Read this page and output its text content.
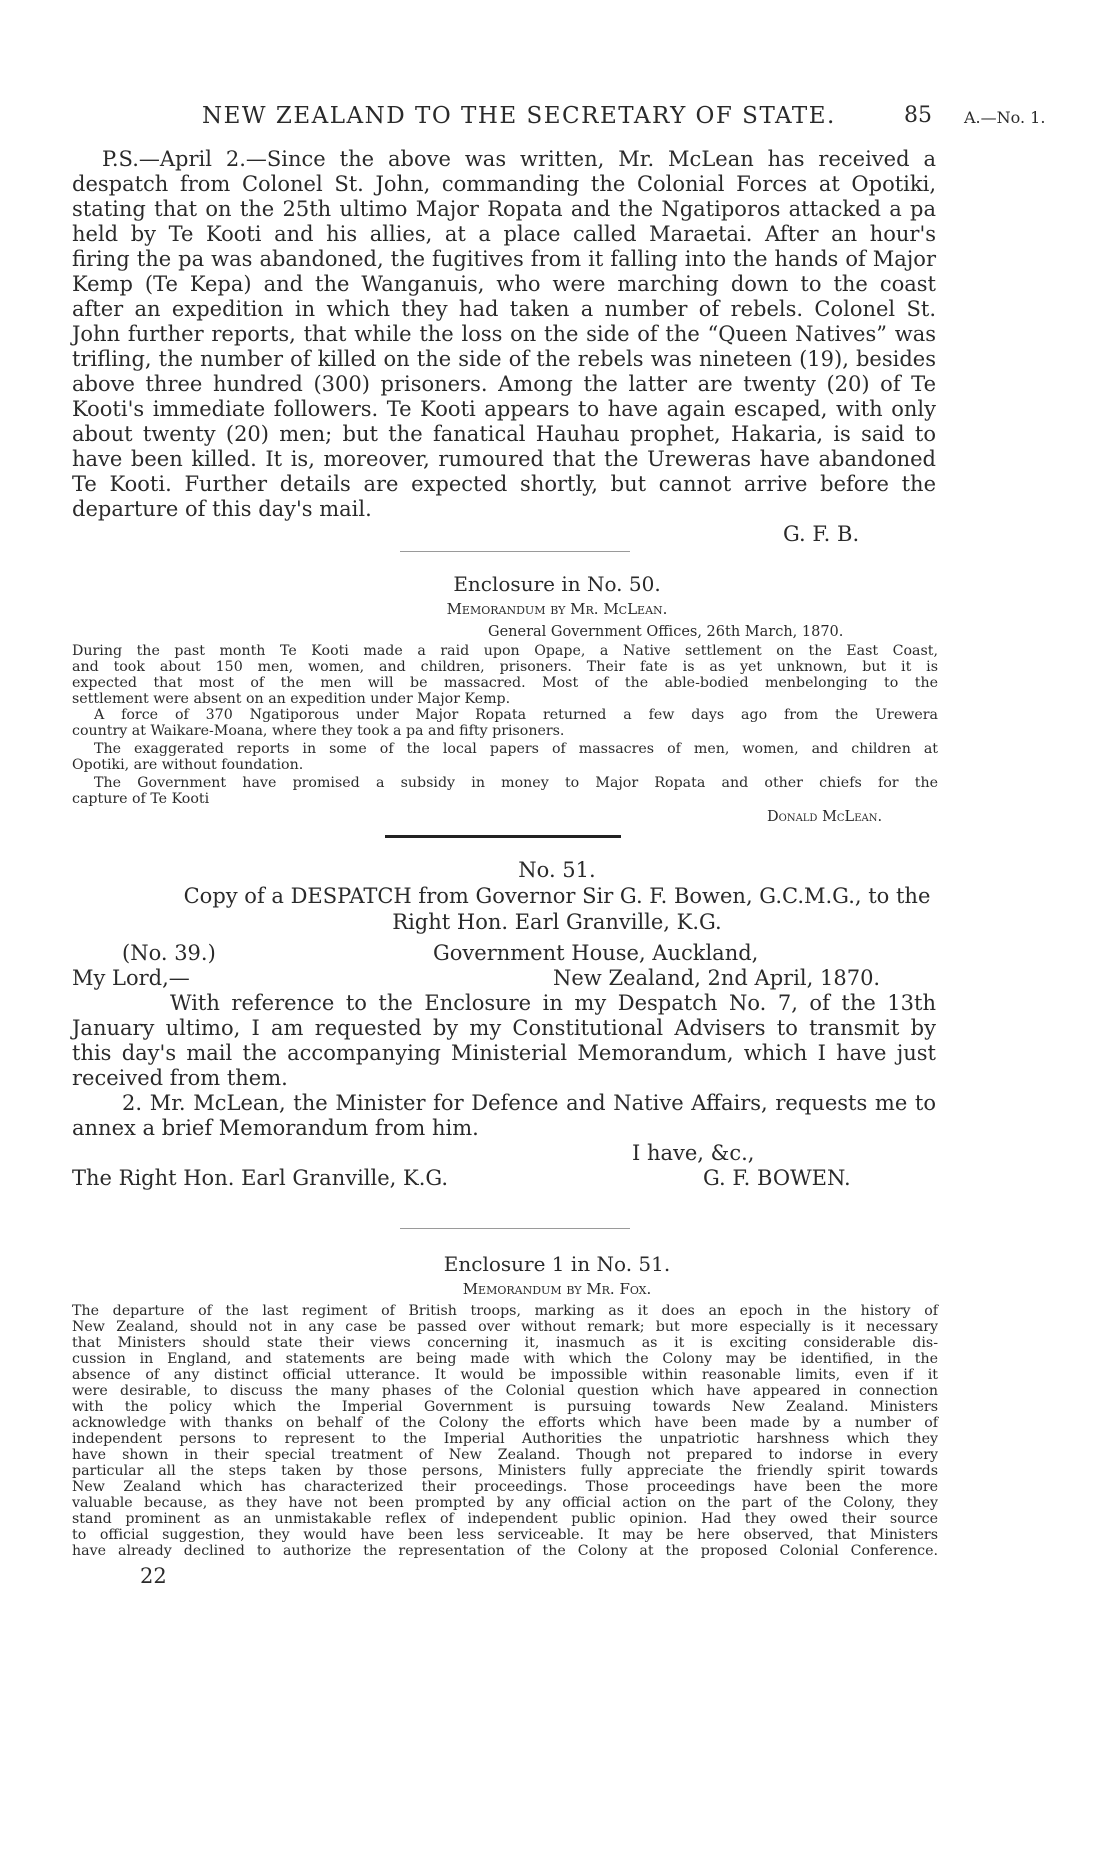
NEW ZEALAND TO THE SECRETARY OF STATE.	85 A.—No. 1.
P.S.—April 2.—Since the above was written, Mr. McLean has received a
despatch from Colonel St. John, commanding the Colonial Forces at Opotiki,
stating that on the 25th ultimo Major Ropata and the Ngatiporos attacked a pa
held by Te Kooti and his allies, at a place called Maraetai. After an hour's
firing the pa was abandoned, the fugitives from it falling into the hands of Major
Kemp (Te Kepa) and the Wanganuis, who were marching down to the coast
after an expedition in which they had taken a number of rebels. Colonel St.
John further reports, that while the loss on the side of the “Queen Natives” was
trifling, the number of killed on the side of the rebels was nineteen (19), besides
above three hundred (300) prisoners. Among the latter are twenty (20) of Te
Kooti's immediate followers. Te Kooti appears to have again escaped, with only
about twenty (20) men; but the fanatical Hauhau prophet, Hakaria, is said to
have been killed. It is, moreover, rumoured that the Ureweras have abandoned
Te Kooti. Further details are expected shortly, but cannot arrive before the
departure of this day's mail.
G. F. B.
Enclosure in No. 50.
Memorandum by Mr. McLean.
General Government Offices, 26th March, 1870.
During the past month Te Kooti made a raid upon Opape, a Native settlement on the East Coast,
and took about 150 men, women, and children, prisoners. Their fate is as yet unknown, but it is
expected that most of the men will be massacred. Most of the able-bodied menbelonging to the
settlement were absent on an expedition under Major Kemp.
A force of 370 Ngatiporous under Major Ropata returned a few days ago from the Urewera
country at Waikare-Moana, where they took a pa and fifty prisoners.
The exaggerated reports in some of the local papers of massacres of men, women, and children at
Opotiki, are without foundation.
The Government have promised a subsidy in money to Major Ropata and other chiefs for the
capture of Te Kooti
Donald McLean.
No. 51.
Copy of a DESPATCH from Governor Sir G. F. Bowen, G.C.M.G., to the
Right Hon. Earl Granville, K.G.
(No. 39.)	Government House, Auckland,
My Lord,—	New Zealand, 2nd April, 1870.
With reference to the Enclosure in my Despatch No. 7, of the 13th
January ultimo, I am requested by my Constitutional Advisers to transmit by
this day's mail the accompanying Ministerial Memorandum, which I have just
received from them.
2. Mr. McLean, the Minister for Defence and Native Affairs, requests me to
annex a brief Memorandum from him.
I have, &c.,
The Right Hon. Earl Granville, K.G.	G. F. BOWEN.
Enclosure 1 in No. 51.
Memorandum by Mr. Fox.
The departure of the last regiment of British troops, marking as it does an epoch in the history of
New Zealand, should not in any case be passed over without remark; but more especially is it necessary
that Ministers should state their views concerning it, inasmuch as it is exciting considerable dis-
cussion in England, and statements are being made with which the Colony may be identified, in the
absence of any distinct official utterance. It would be impossible within reasonable limits, even if it
were desirable, to discuss the many phases of the Colonial question which have appeared in connection
with the policy which the Imperial Government is pursuing towards New Zealand. Ministers
acknowledge with thanks on behalf of the Colony the efforts which have been made by a number of
independent persons to represent to the Imperial Authorities the unpatriotic harshness which they
have shown in their special treatment of New Zealand. Though not prepared to indorse in every
particular all the steps taken by those persons, Ministers fully appreciate the friendly spirit towards
New Zealand which has characterized their proceedings. Those proceedings have been the more
valuable because, as they have not been prompted by any official action on the part of the Colony, they
stand prominent as an unmistakable reflex of independent public opinion. Had they owed their source
to official suggestion, they would have been less serviceable. It may be here observed, that Ministers
have already declined to authorize the representation of the Colony at the proposed Colonial Conference.
22
